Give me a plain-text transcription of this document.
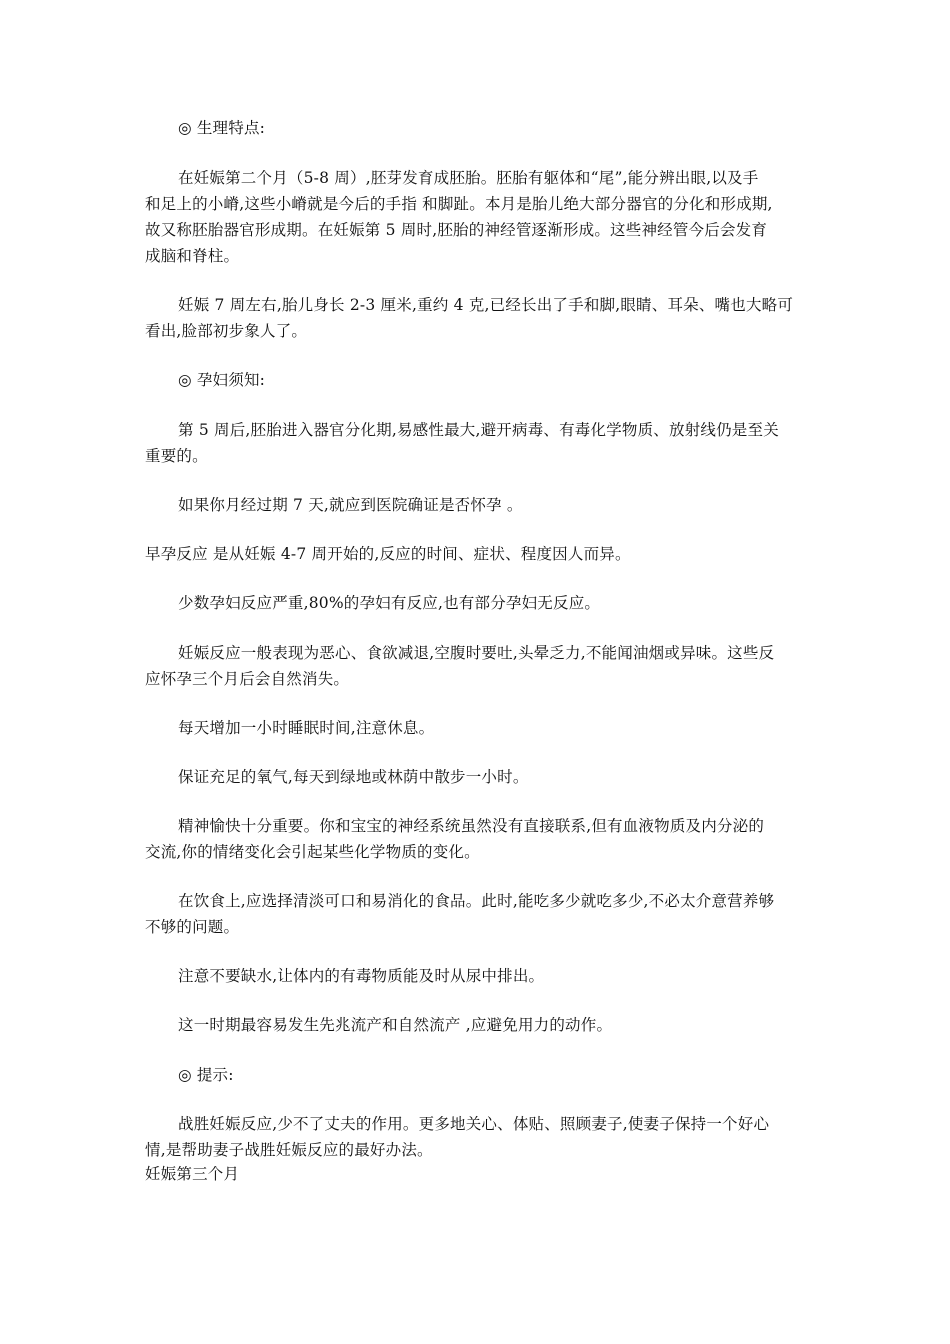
◎ 生理特点:
在妊娠第二个月（5-8 周）,胚芽发育成胚胎。胚胎有躯体和“尾”,能分辨出眼,以及手
和足上的小嵴,这些小嵴就是今后的手指 和脚趾。本月是胎儿绝大部分器官的分化和形成期,
故又称胚胎器官形成期。在妊娠第 5 周时,胚胎的神经管逐渐形成。这些神经管今后会发育
成脑和脊柱。
妊娠 7 周左右,胎儿身长 2-3 厘米,重约 4 克,已经长出了手和脚,眼睛、耳朵、嘴也大略可
看出,脸部初步象人了。
◎ 孕妇须知:
第 5 周后,胚胎进入器官分化期,易感性最大,避开病毒、有毒化学物质、放射线仍是至关
重要的。
如果你月经过期 7 天,就应到医院确证是否怀孕 。
早孕反应 是从妊娠 4-7 周开始的,反应的时间、症状、程度因人而异。
少数孕妇反应严重,80%的孕妇有反应,也有部分孕妇无反应。
妊娠反应一般表现为恶心、食欲减退,空腹时要吐,头晕乏力,不能闻油烟或异味。这些反
应怀孕三个月后会自然消失。
每天增加一小时睡眠时间,注意休息。
保证充足的氧气,每天到绿地或林荫中散步一小时。
精神愉快十分重要。你和宝宝的神经系统虽然没有直接联系,但有血液物质及内分泌的
交流,你的情绪变化会引起某些化学物质的变化。
在饮食上,应选择清淡可口和易消化的食品。此时,能吃多少就吃多少,不必太介意营养够
不够的问题。
注意不要缺水,让体内的有毒物质能及时从尿中排出。
这一时期最容易发生先兆流产和自然流产 ,应避免用力的动作。
◎ 提示:
战胜妊娠反应,少不了丈夫的作用。更多地关心、体贴、照顾妻子,使妻子保持一个好心
情,是帮助妻子战胜妊娠反应的最好办法。
妊娠第三个月
